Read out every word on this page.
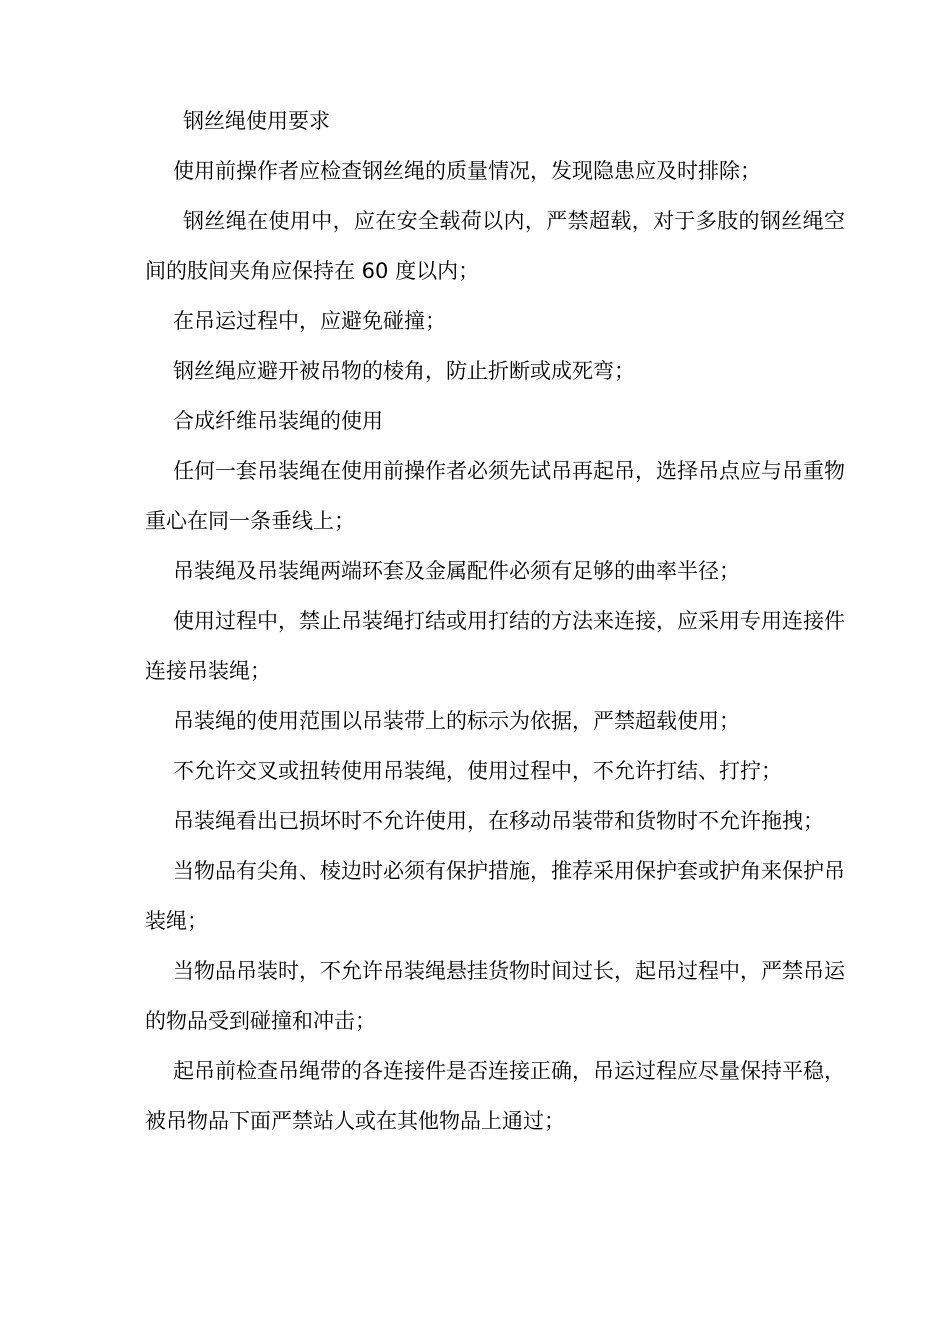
钢丝绳使用要求

使用前操作者应检查钢丝绳的质量情况，发现隐患应及时排除；

钢丝绳在使用中，应在安全载荷以内，严禁超载，对于多肢的钢丝绳空间的肢间夹角应保持在 60 度以内；

在吊运过程中，应避免碰撞；

钢丝绳应避开被吊物的棱角，防止折断或成死弯；

合成纤维吊装绳的使用

任何一套吊装绳在使用前操作者必须先试吊再起吊，选择吊点应与吊重物重心在同一条垂线上；

吊装绳及吊装绳两端环套及金属配件必须有足够的曲率半径；

使用过程中，禁止吊装绳打结或用打结的方法来连接，应采用专用连接件连接吊装绳；

吊装绳的使用范围以吊装带上的标示为依据，严禁超载使用；

不允许交叉或扭转使用吊装绳，使用过程中，不允许打结、打拧；

吊装绳看出已损坏时不允许使用，在移动吊装带和货物时不允许拖拽；

当物品有尖角、棱边时必须有保护措施，推荐采用保护套或护角来保护吊装绳；

当物品吊装时，不允许吊装绳悬挂货物时间过长，起吊过程中，严禁吊运的物品受到碰撞和冲击；

起吊前检查吊绳带的各连接件是否连接正确，吊运过程应尽量保持平稳，被吊物品下面严禁站人或在其他物品上通过；
